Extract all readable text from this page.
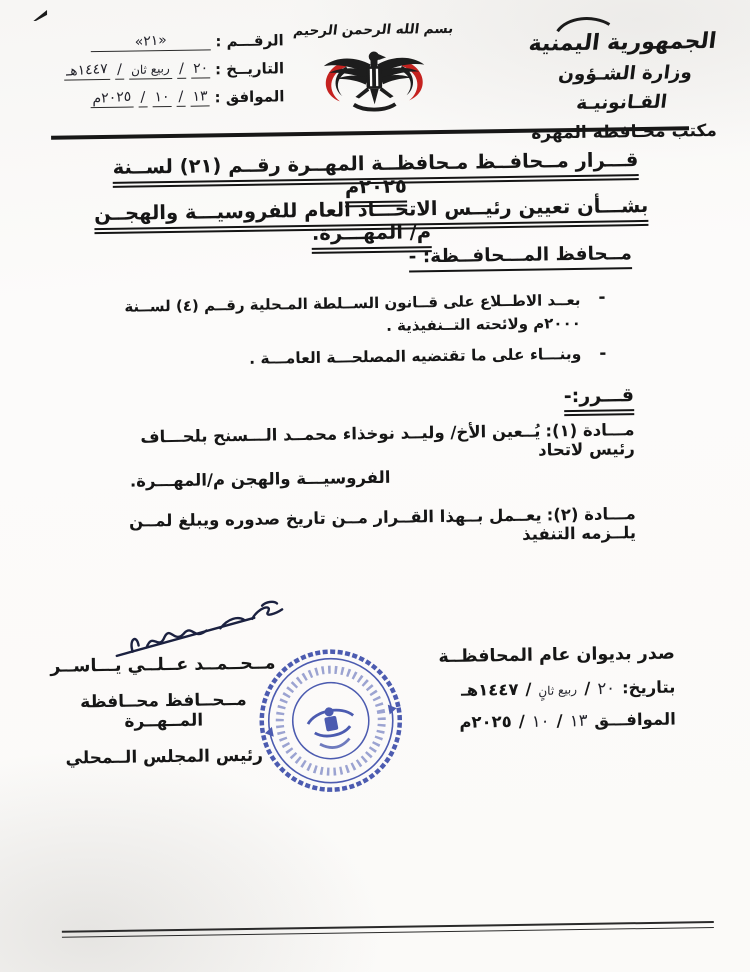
الرقـــم :
«٢١»
التاريــخ :
٢٠
/
ربيع ثان
/
١٤٤٧هـ
الموافق :
١٣
/
١٠
/
٢٠٢٥م
بسم الله الرحمن الرحيم	الجمهورية اليمنية
وزارة الشـؤون القـانونيـة
مكتب محـافظة المهرة
قـــرار مــحافــظ مـحافظــة المهــرة رقــم (٢١) لســنة ٢٠٢٥م
بشـــأن تعيين رئيــس الاتحـــاد العام للفروسيـــة والهجــن م/ المهـــرة.
مــحافظ المـــحافــظة: -
-
بعــد الاطــلاع على قــانون الســلطة المـحلية رقــم (٤) لســنة ٢٠٠٠م ولائحته التــنفيذية .
-
وبنـــاء على ما تقتضيه المصلحـــة العامـــة .
قـــرر:-
مـــادة (١): يُــعين الأخ/ وليــد نوخذاء محمــد الـــسنح بلحـــاف رئيس لاتحاد
الفروسيـــة والهجن م/المهـــرة.
مـــادة (٢): يعــمل بــهذا القــرار مــن تاريخ صدوره ويبلغ لمــن يلــزمه التنفيذ
صدر بديوان عام المحافظــة
بتاريخ:
٢٠
/
ربيع ثانٍ
/
١٤٤٧هـ
الموافـــق
١٣
/
١٠
/
٢٠٢٥م
مــحــمــد عــلــي يـــاســر
مــحــافظ محــافظة المــهــرة
رئيس المجلس الــمحلي
